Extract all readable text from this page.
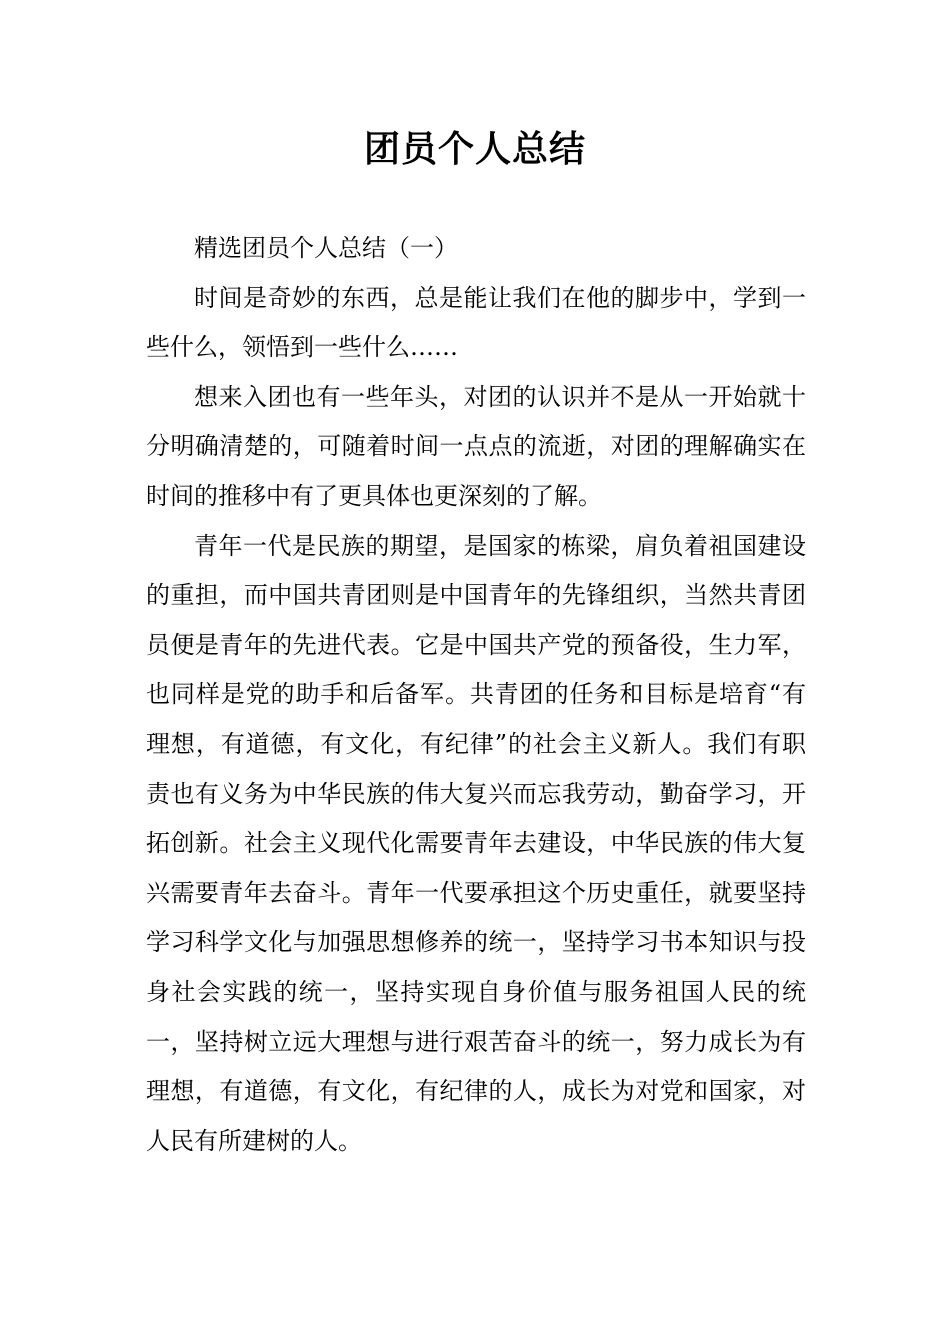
团员个人总结

精选团员个人总结（一）

时间是奇妙的东西，总是能让我们在他的脚步中，学到一些什么，领悟到一些什么……

想来入团也有一些年头，对团的认识并不是从一开始就十分明确清楚的，可随着时间一点点的流逝，对团的理解确实在时间的推移中有了更具体也更深刻的了解。

青年一代是民族的期望，是国家的栋梁，肩负着祖国建设的重担，而中国共青团则是中国青年的先锋组织，当然共青团员便是青年的先进代表。它是中国共产党的预备役，生力军，也同样是党的助手和后备军。共青团的任务和目标是培育“有理想，有道德，有文化，有纪律”的社会主义新人。我们有职责也有义务为中华民族的伟大复兴而忘我劳动，勤奋学习，开拓创新。社会主义现代化需要青年去建设，中华民族的伟大复兴需要青年去奋斗。青年一代要承担这个历史重任，就要坚持学习科学文化与加强思想修养的统一，坚持学习书本知识与投身社会实践的统一，坚持实现自身价值与服务祖国人民的统一，坚持树立远大理想与进行艰苦奋斗的统一，努力成长为有理想，有道德，有文化，有纪律的人，成长为对党和国家，对人民有所建树的人。
